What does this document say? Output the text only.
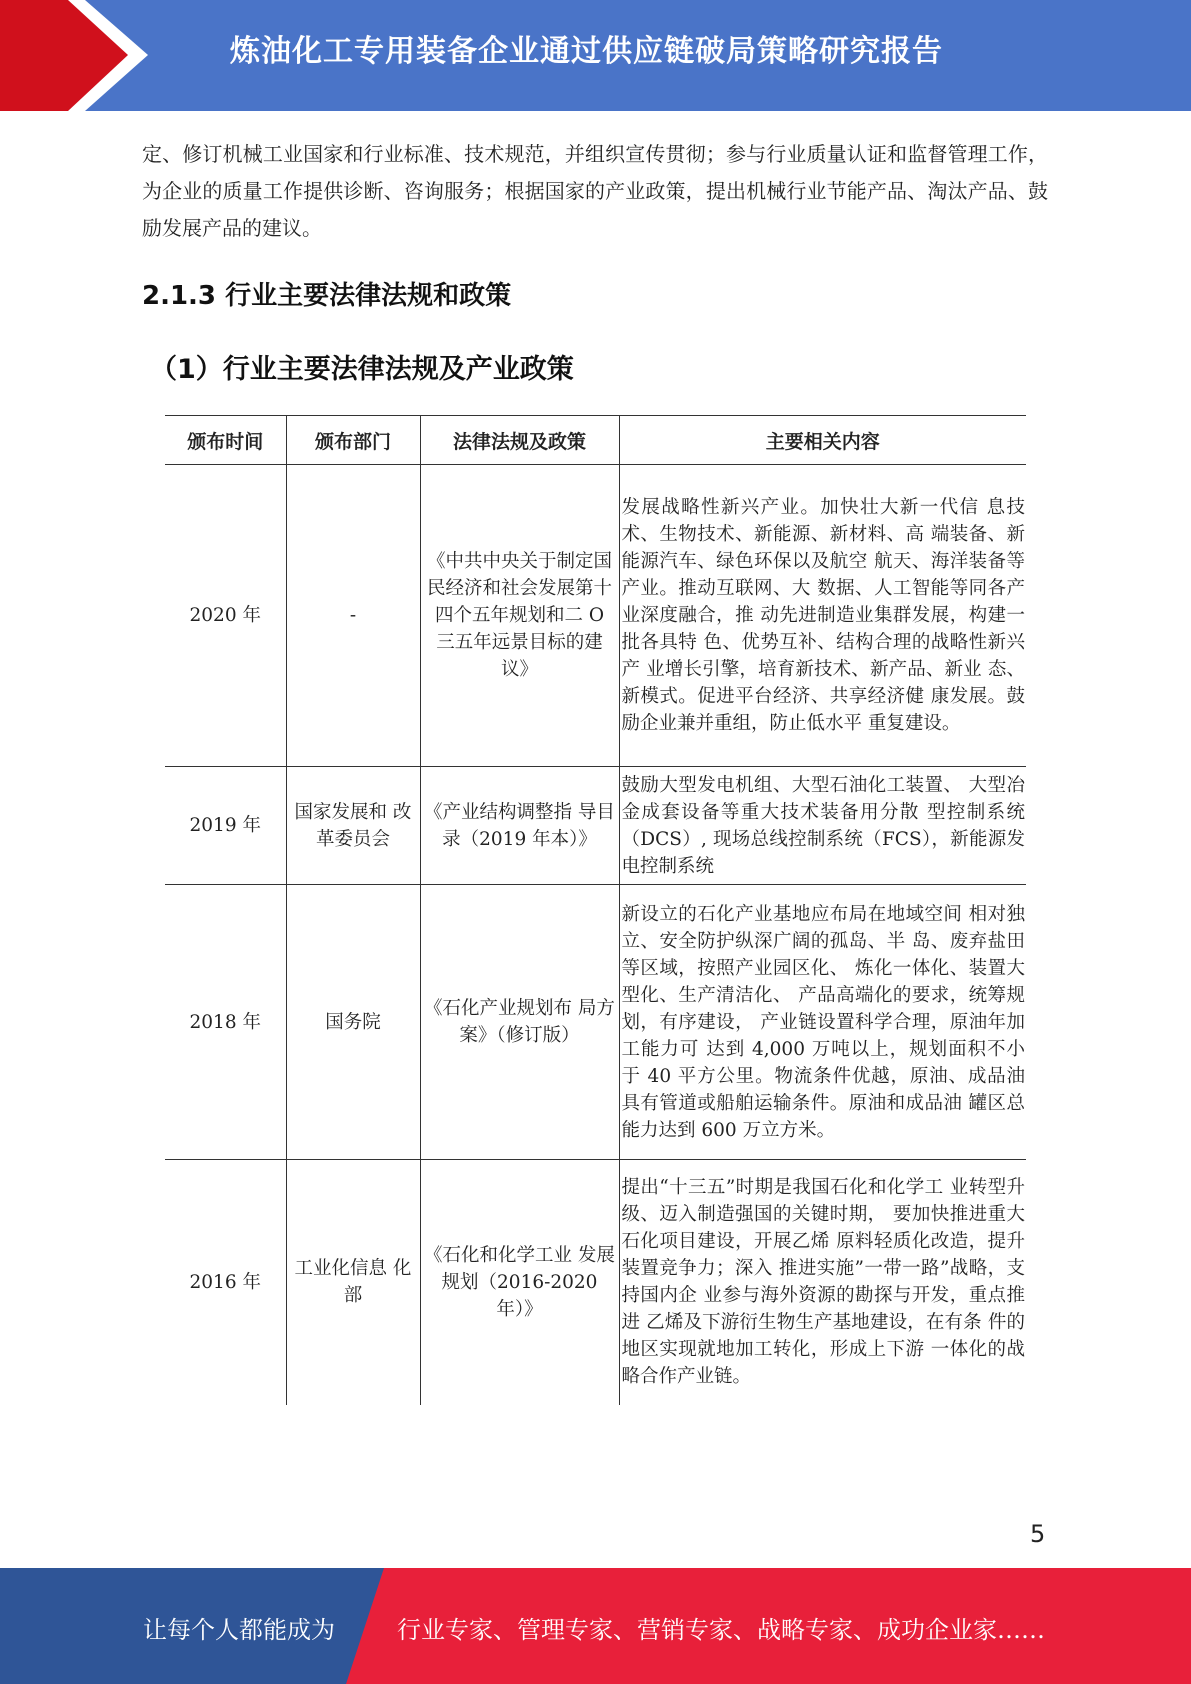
炼油化工专用装备企业通过供应链破局策略研究报告
定、修订机械工业国家和行业标准、技术规范，并组织宣传贯彻；参与行业质量认证和监督管理工作，为企业的质量工作提供诊断、咨询服务；根据国家的产业政策，提出机械行业节能产品、淘汰产品、鼓励发展产品的建议。
2.1.3 行业主要法律法规和政策
（1）行业主要法律法规及产业政策
颁布时间	颁布部门	法律法规及政策	主要相关内容
2020 年	-	《中共中央关于制定国民经济和社会发展第十四个五年规划和二 O 三五年远景目标的建议》	发展战略性新兴产业。加快壮大新一代信 息技术、生物技术、新能源、新材料、高 端装备、新能源汽车、绿色环保以及航空 航天、海洋装备等产业。推动互联网、大 数据、人工智能等同各产业深度融合，推 动先进制造业集群发展，构建一批各具特 色、优势互补、结构合理的战略性新兴产 业增长引擎，培育新技术、新产品、新业 态、新模式。促进平台经济、共享经济健 康发展。鼓励企业兼并重组，防止低水平 重复建设。
2019 年	国家发展和 改革委员会	《产业结构调整指 导目录（2019 年本）》	鼓励大型发电机组、大型石油化工装置、 大型冶金成套设备等重大技术装备用分散 型控制系统（DCS）, 现场总线控制系统（FCS），新能源发电控制系统
2018 年	国务院	《石化产业规划布 局方案》（修订版）	新设立的石化产业基地应布局在地域空间 相对独立、安全防护纵深广阔的孤岛、半 岛、废弃盐田等区域，按照产业园区化、 炼化一体化、装置大型化、生产清洁化、 产品高端化的要求，统筹规划，有序建设， 产业链设置科学合理，原油年加工能力可 达到 4,000 万吨以上，规划面积不小于 40 平方公里。物流条件优越，原油、成品油 具有管道或船舶运输条件。原油和成品油 罐区总能力达到 600 万立方米。
2016 年	工业化信息 化部	《石化和化学工业 发展规划（2016-2020 年）》	提出“十三五”时期是我国石化和化学工 业转型升级、迈入制造强国的关键时期， 要加快推进重大石化项目建设，开展乙烯 原料轻质化改造，提升装置竞争力；深入 推进实施”一带一路”战略，支持国内企 业参与海外资源的勘探与开发，重点推进 乙烯及下游衍生物生产基地建设，在有条 件的地区实现就地加工转化，形成上下游 一体化的战略合作产业链。
5
让每个人都能成为	行业专家、管理专家、营销专家、战略专家、成功企业家……
